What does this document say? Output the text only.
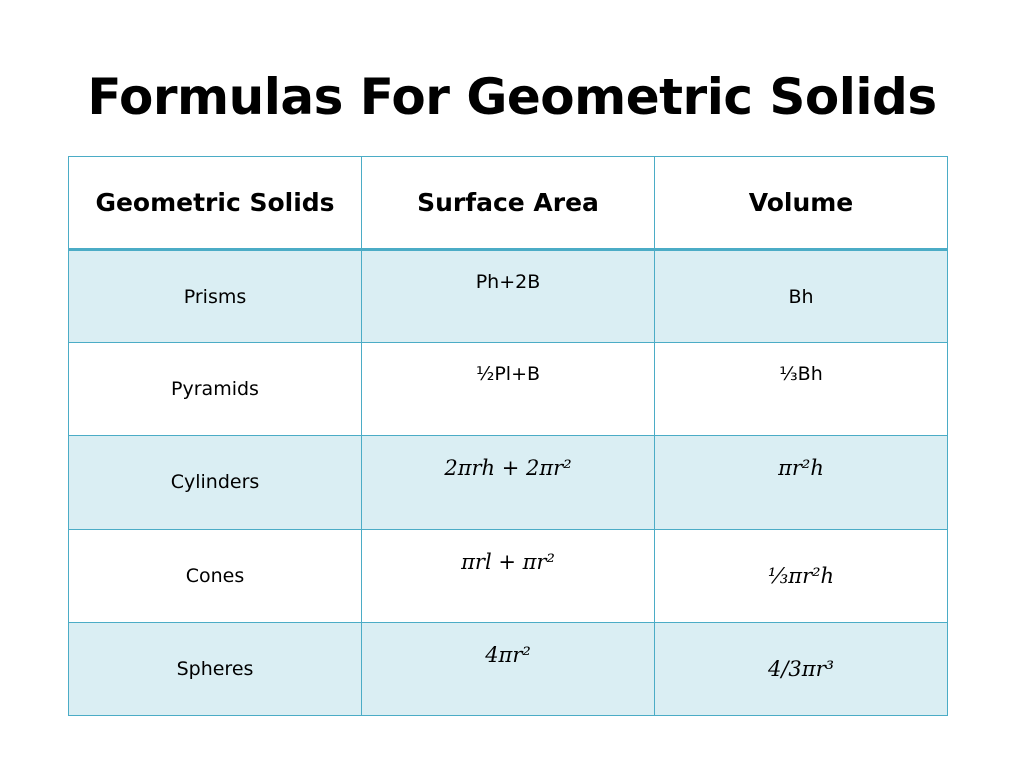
Formulas For Geometric Solids
Geometric Solids	Surface Area	Volume
Prisms	Ph+2B	Bh
Pyramids	½Pl+B	⅓Bh
Cylinders	2πrh + 2πr²	πr²h
Cones	πrl + πr²	⅓πr²h
Spheres	4πr²	4/3πr³
